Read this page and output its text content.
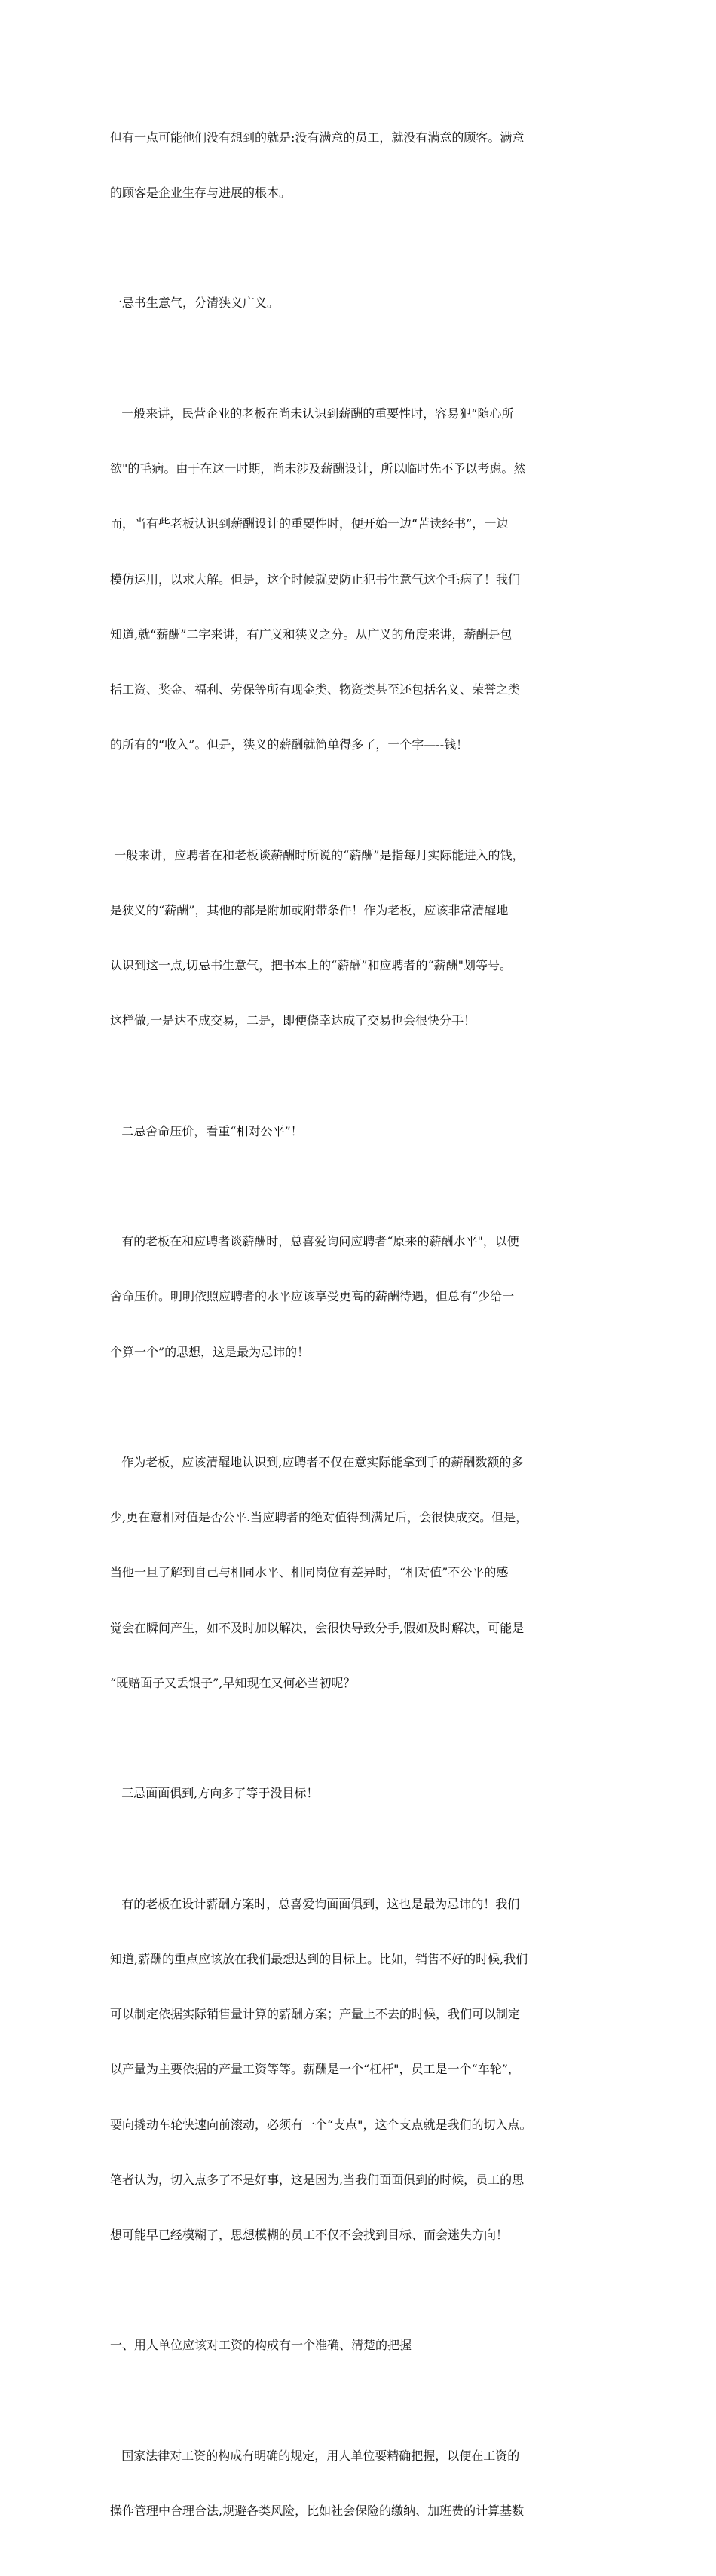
但有一点可能他们没有想到的就是:没有满意的员工，就没有满意的顾客。满意

的顾客是企业生存与进展的根本。

一忌书生意气，分清狭义广义。

一般来讲，民营企业的老板在尚未认识到薪酬的重要性时，容易犯“随心所

欲"的毛病。由于在这一时期，尚未涉及薪酬设计，所以临时先不予以考虑。然

而，当有些老板认识到薪酬设计的重要性时，便开始一边“苦读经书”，一边

模仿运用，以求大解。但是，这个时候就要防止犯书生意气这个毛病了！我们

知道,就“薪酬”二字来讲，有广义和狭义之分。从广义的角度来讲，薪酬是包

括工资、奖金、福利、劳保等所有现金类、物资类甚至还包括名义、荣誉之类

的所有的“收入”。但是，狭义的薪酬就简单得多了，一个字—--钱！

一般来讲，应聘者在和老板谈薪酬时所说的“薪酬”是指每月实际能进入的钱，

是狭义的“薪酬”，其他的都是附加或附带条件！作为老板，应该非常清醒地

认识到这一点,切忌书生意气，把书本上的“薪酬”和应聘者的“薪酬"划等号。

这样做,一是达不成交易，二是，即便侥幸达成了交易也会很快分手！

二忌舍命压价，看重“相对公平”！

有的老板在和应聘者谈薪酬时，总喜爱询问应聘者“原来的薪酬水平"，以便

舍命压价。明明依照应聘者的水平应该享受更高的薪酬待遇，但总有“少给一

个算一个”的思想，这是最为忌讳的！

作为老板，应该清醒地认识到,应聘者不仅在意实际能拿到手的薪酬数额的多

少,更在意相对值是否公平.当应聘者的绝对值得到满足后，会很快成交。但是，

当他一旦了解到自己与相同水平、相同岗位有差异时，“相对值”不公平的感

觉会在瞬间产生，如不及时加以解决，会很快导致分手,假如及时解决，可能是

“既赔面子又丢银子”,早知现在又何必当初呢？

三忌面面俱到,方向多了等于没目标！

有的老板在设计薪酬方案时，总喜爱询面面俱到，这也是最为忌讳的！我们

知道,薪酬的重点应该放在我们最想达到的目标上。比如，销售不好的时候,我们

可以制定依据实际销售量计算的薪酬方案；产量上不去的时候，我们可以制定

以产量为主要依据的产量工资等等。薪酬是一个“杠杆"，员工是一个“车轮”，

要向撬动车轮快速向前滚动，必须有一个“支点"，这个支点就是我们的切入点。

笔者认为，切入点多了不是好事，这是因为,当我们面面俱到的时候，员工的思

想可能早已经模糊了，思想模糊的员工不仅不会找到目标、而会迷失方向！

一、用人单位应该对工资的构成有一个准确、清楚的把握

国家法律对工资的构成有明确的规定，用人单位要精确把握，以便在工资的

操作管理中合理合法,规避各类风险，比如社会保险的缴纳、加班费的计算基数
